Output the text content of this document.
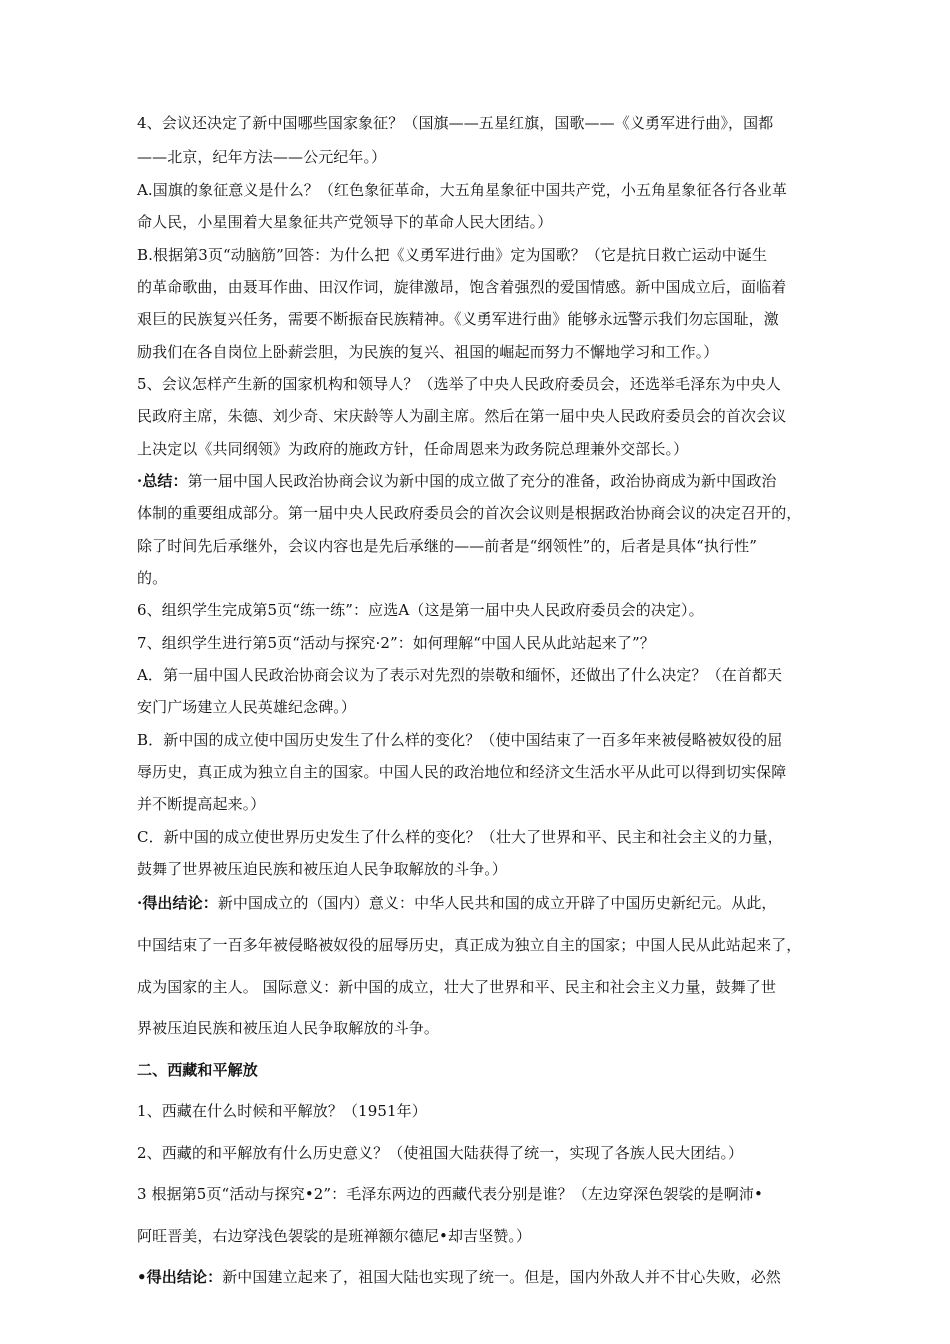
4、会议还决定了新中国哪些国家象征？（国旗——五星红旗，国歌——《义勇军进行曲》，国都
——北京，纪年方法——公元纪年。）
A.国旗的象征意义是什么？（红色象征革命，大五角星象征中国共产党，小五角星象征各行各业革
命人民，小星围着大星象征共产党领导下的革命人民大团结。）
B.根据第3页“动脑筋”回答：为什么把《义勇军进行曲》定为国歌？（它是抗日救亡运动中诞生
的革命歌曲，由聂耳作曲、田汉作词，旋律激昂，饱含着强烈的爱国情感。新中国成立后，面临着
艰巨的民族复兴任务，需要不断振奋民族精神。《义勇军进行曲》能够永远警示我们勿忘国耻，激
励我们在各自岗位上卧薪尝胆，为民族的复兴、祖国的崛起而努力不懈地学习和工作。）
5、会议怎样产生新的国家机构和领导人？（选举了中央人民政府委员会，还选举毛泽东为中央人
民政府主席，朱德、刘少奇、宋庆龄等人为副主席。然后在第一届中央人民政府委员会的首次会议
上决定以《共同纲领》为政府的施政方针，任命周恩来为政务院总理兼外交部长。）
·总结：第一届中国人民政治协商会议为新中国的成立做了充分的准备，政治协商成为新中国政治
体制的重要组成部分。第一届中央人民政府委员会的首次会议则是根据政治协商会议的决定召开的，
除了时间先后承继外，会议内容也是先后承继的——前者是“纲领性”的，后者是具体“执行性”
的。
6、组织学生完成第5页“练一练”：应选A（这是第一届中央人民政府委员会的决定）。
7、组织学生进行第5页“活动与探究·2”：如何理解“中国人民从此站起来了”？
A．第一届中国人民政治协商会议为了表示对先烈的崇敬和缅怀，还做出了什么决定？（在首都天
安门广场建立人民英雄纪念碑。）
B．新中国的成立使中国历史发生了什么样的变化？（使中国结束了一百多年来被侵略被奴役的屈
辱历史，真正成为独立自主的国家。中国人民的政治地位和经济文生活水平从此可以得到切实保障
并不断提高起来。）
C．新中国的成立使世界历史发生了什么样的变化？（壮大了世界和平、民主和社会主义的力量，
鼓舞了世界被压迫民族和被压迫人民争取解放的斗争。）
·得出结论：新中国成立的（国内）意义：中华人民共和国的成立开辟了中国历史新纪元。从此，
中国结束了一百多年被侵略被奴役的屈辱历史，真正成为独立自主的国家；中国人民从此站起来了，
成为国家的主人。 国际意义：新中国的成立，壮大了世界和平、民主和社会主义力量，鼓舞了世
界被压迫民族和被压迫人民争取解放的斗争。
二、西藏和平解放
1、西藏在什么时候和平解放？（1951年）
2、西藏的和平解放有什么历史意义？（使祖国大陆获得了统一，实现了各族人民大团结。）
3 根据第5页“活动与探究•2”：毛泽东两边的西藏代表分别是谁？（左边穿深色袈裟的是啊沛•
阿旺晋美，右边穿浅色袈裟的是班禅额尔德尼•却吉坚赞。）
•得出结论：新中国建立起来了，祖国大陆也实现了统一。但是，国内外敌人并不甘心失败，必然
